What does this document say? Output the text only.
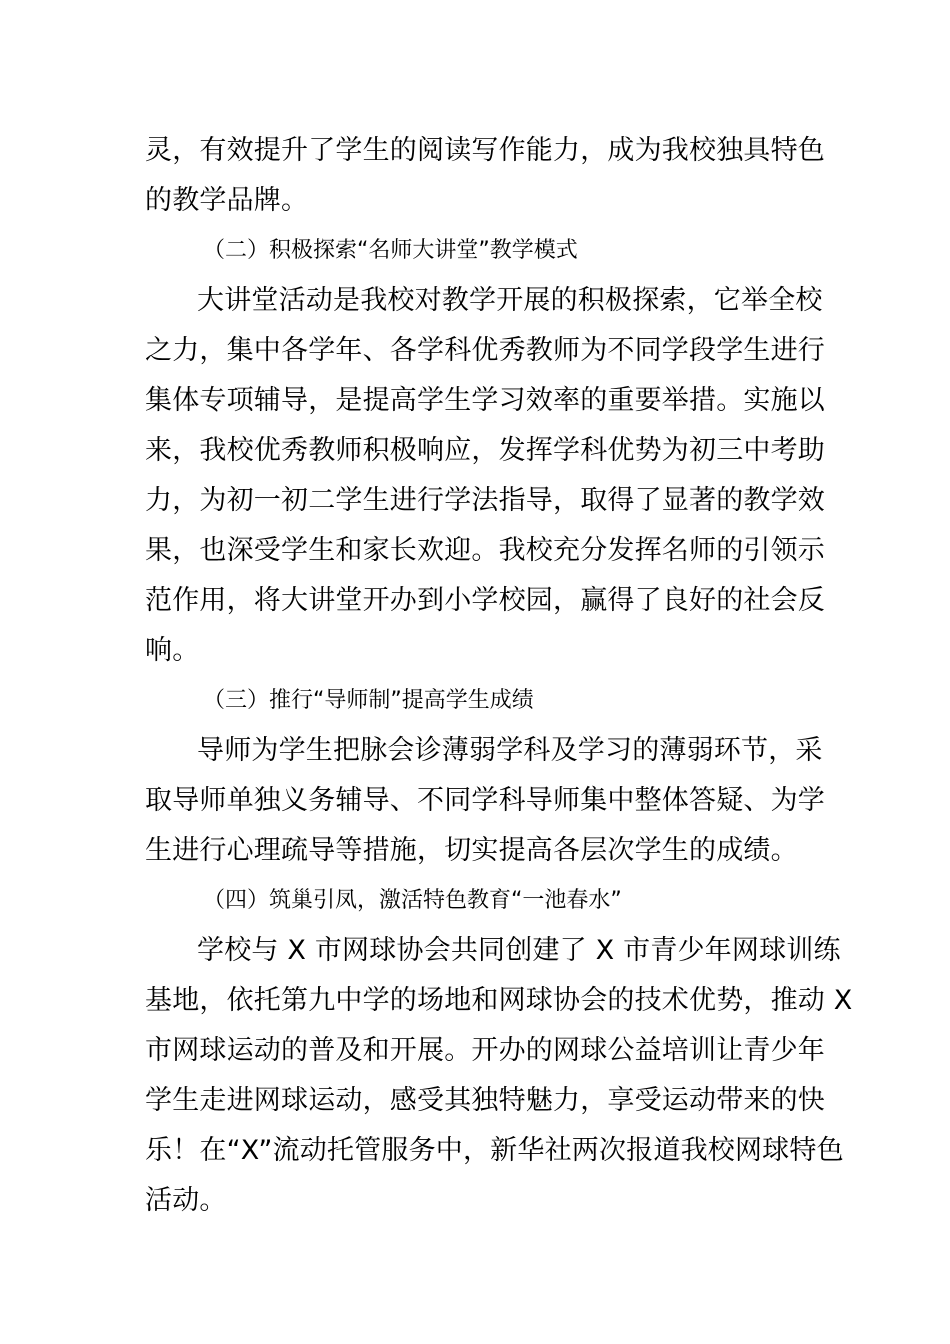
灵，有效提升了学生的阅读写作能力，成为我校独具特色
的教学品牌。
（二）积极探索“名师大讲堂”教学模式
大讲堂活动是我校对教学开展的积极探索，它举全校
之力，集中各学年、各学科优秀教师为不同学段学生进行
集体专项辅导，是提高学生学习效率的重要举措。实施以
来，我校优秀教师积极响应，发挥学科优势为初三中考助
力，为初一初二学生进行学法指导，取得了显著的教学效
果，也深受学生和家长欢迎。我校充分发挥名师的引领示
范作用，将大讲堂开办到小学校园，赢得了良好的社会反
响。
（三）推行“导师制”提高学生成绩
导师为学生把脉会诊薄弱学科及学习的薄弱环节，采
取导师单独义务辅导、不同学科导师集中整体答疑、为学
生进行心理疏导等措施，切实提高各层次学生的成绩。
（四）筑巢引凤，激活特色教育“一池春水”
学校与 X 市网球协会共同创建了 X 市青少年网球训练
基地，依托第九中学的场地和网球协会的技术优势，推动 X
市网球运动的普及和开展。开办的网球公益培训让青少年
学生走进网球运动，感受其独特魅力，享受运动带来的快
乐！在“X”流动托管服务中，新华社两次报道我校网球特色
活动。
